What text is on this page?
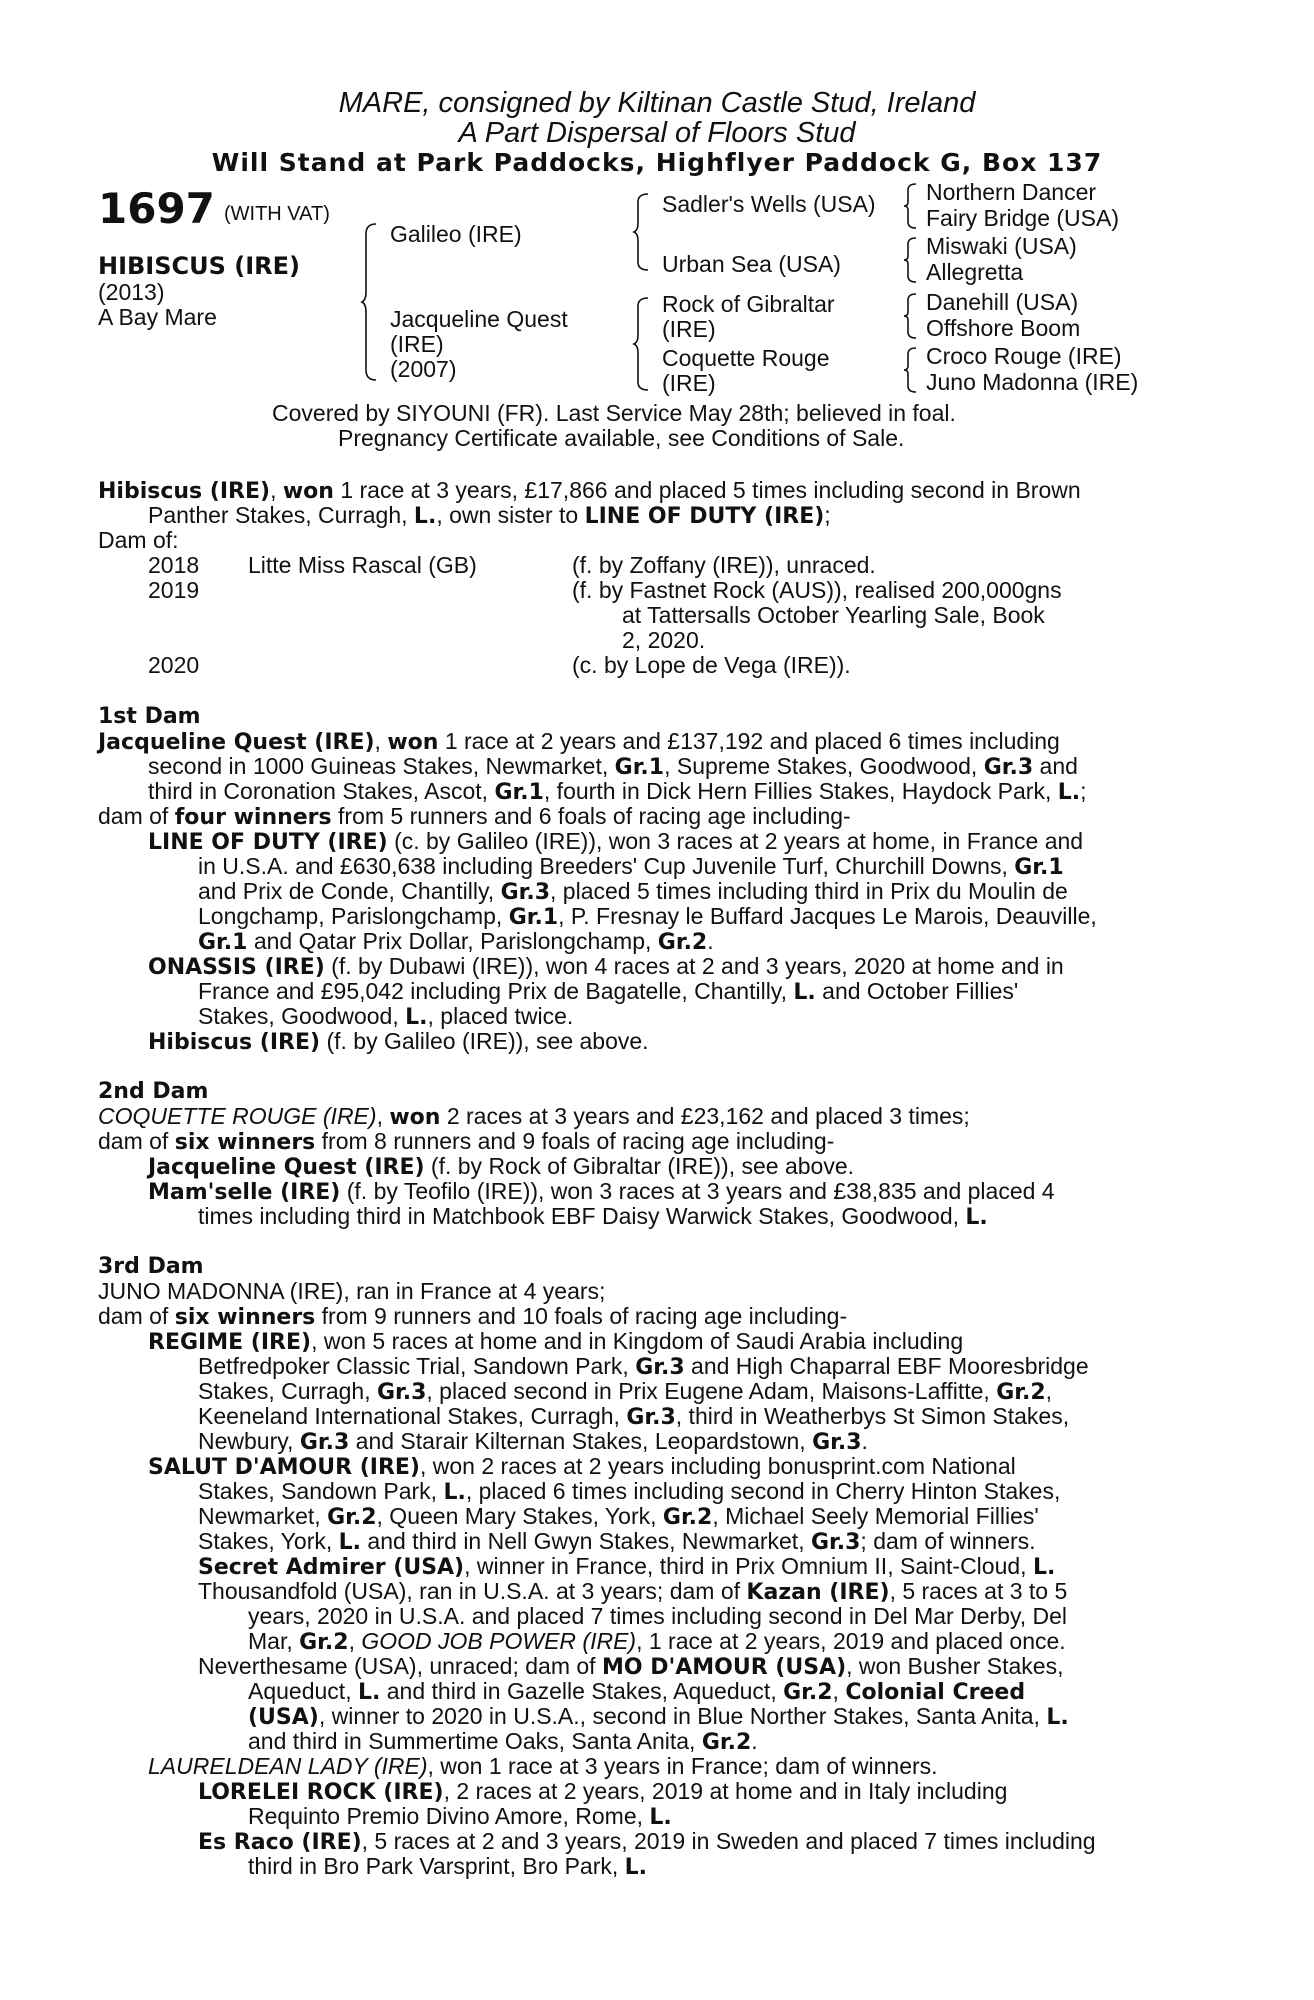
MARE, consigned by Kiltinan Castle Stud, Ireland
A Part Dispersal of Floors Stud
Will Stand at Park Paddocks, Highflyer Paddock G, Box 137
1697 (WITH VAT)
HIBISCUS (IRE)
(2013)
A Bay Mare
Galileo (IRE)
Jacqueline Quest
(IRE)
(2007)
Sadler's Wells (USA)
Urban Sea (USA)
Rock of Gibraltar
(IRE)
Coquette Rouge
(IRE)
Northern Dancer
Fairy Bridge (USA)
Miswaki (USA)
Allegretta
Danehill (USA)
Offshore Boom
Croco Rouge (IRE)
Juno Madonna (IRE)
Covered by SIYOUNI (FR). Last Service May 28th; believed in foal.
Pregnancy Certificate available, see Conditions of Sale.
Hibiscus (IRE), won 1 race at 3 years, £17,866 and placed 5 times including second in Brown
Panther Stakes, Curragh, L., own sister to LINE OF DUTY (IRE);
Dam of:
2018 Litte Miss Rascal (GB)	(f. by Zoffany (IRE)), unraced.
2019	(f. by Fastnet Rock (AUS)), realised 200,000gns
at Tattersalls October Yearling Sale, Book
2, 2020.
2020	(c. by Lope de Vega (IRE)).
1st Dam
Jacqueline Quest (IRE), won 1 race at 2 years and £137,192 and placed 6 times including
second in 1000 Guineas Stakes, Newmarket, Gr.1, Supreme Stakes, Goodwood, Gr.3 and
third in Coronation Stakes, Ascot, Gr.1, fourth in Dick Hern Fillies Stakes, Haydock Park, L.;
dam of four winners from 5 runners and 6 foals of racing age including-
LINE OF DUTY (IRE) (c. by Galileo (IRE)), won 3 races at 2 years at home, in France and
in U.S.A. and £630,638 including Breeders' Cup Juvenile Turf, Churchill Downs, Gr.1
and Prix de Conde, Chantilly, Gr.3, placed 5 times including third in Prix du Moulin de
Longchamp, Parislongchamp, Gr.1, P. Fresnay le Buffard Jacques Le Marois, Deauville,
Gr.1 and Qatar Prix Dollar, Parislongchamp, Gr.2.
ONASSIS (IRE) (f. by Dubawi (IRE)), won 4 races at 2 and 3 years, 2020 at home and in
France and £95,042 including Prix de Bagatelle, Chantilly, L. and October Fillies'
Stakes, Goodwood, L., placed twice.
Hibiscus (IRE) (f. by Galileo (IRE)), see above.
2nd Dam
COQUETTE ROUGE (IRE), won 2 races at 3 years and £23,162 and placed 3 times;
dam of six winners from 8 runners and 9 foals of racing age including-
Jacqueline Quest (IRE) (f. by Rock of Gibraltar (IRE)), see above.
Mam'selle (IRE) (f. by Teofilo (IRE)), won 3 races at 3 years and £38,835 and placed 4
times including third in Matchbook EBF Daisy Warwick Stakes, Goodwood, L.
3rd Dam
JUNO MADONNA (IRE), ran in France at 4 years;
dam of six winners from 9 runners and 10 foals of racing age including-
REGIME (IRE), won 5 races at home and in Kingdom of Saudi Arabia including
Betfredpoker Classic Trial, Sandown Park, Gr.3 and High Chaparral EBF Mooresbridge
Stakes, Curragh, Gr.3, placed second in Prix Eugene Adam, Maisons-Laffitte, Gr.2,
Keeneland International Stakes, Curragh, Gr.3, third in Weatherbys St Simon Stakes,
Newbury, Gr.3 and Starair Kilternan Stakes, Leopardstown, Gr.3.
SALUT D'AMOUR (IRE), won 2 races at 2 years including bonusprint.com National
Stakes, Sandown Park, L., placed 6 times including second in Cherry Hinton Stakes,
Newmarket, Gr.2, Queen Mary Stakes, York, Gr.2, Michael Seely Memorial Fillies'
Stakes, York, L. and third in Nell Gwyn Stakes, Newmarket, Gr.3; dam of winners.
Secret Admirer (USA), winner in France, third in Prix Omnium II, Saint-Cloud, L.
Thousandfold (USA), ran in U.S.A. at 3 years; dam of Kazan (IRE), 5 races at 3 to 5
years, 2020 in U.S.A. and placed 7 times including second in Del Mar Derby, Del
Mar, Gr.2, GOOD JOB POWER (IRE), 1 race at 2 years, 2019 and placed once.
Neverthesame (USA), unraced; dam of MO D'AMOUR (USA), won Busher Stakes,
Aqueduct, L. and third in Gazelle Stakes, Aqueduct, Gr.2, Colonial Creed
(USA), winner to 2020 in U.S.A., second in Blue Norther Stakes, Santa Anita, L.
and third in Summertime Oaks, Santa Anita, Gr.2.
LAURELDEAN LADY (IRE), won 1 race at 3 years in France; dam of winners.
LORELEI ROCK (IRE), 2 races at 2 years, 2019 at home and in Italy including
Requinto Premio Divino Amore, Rome, L.
Es Raco (IRE), 5 races at 2 and 3 years, 2019 in Sweden and placed 7 times including
third in Bro Park Varsprint, Bro Park, L.
